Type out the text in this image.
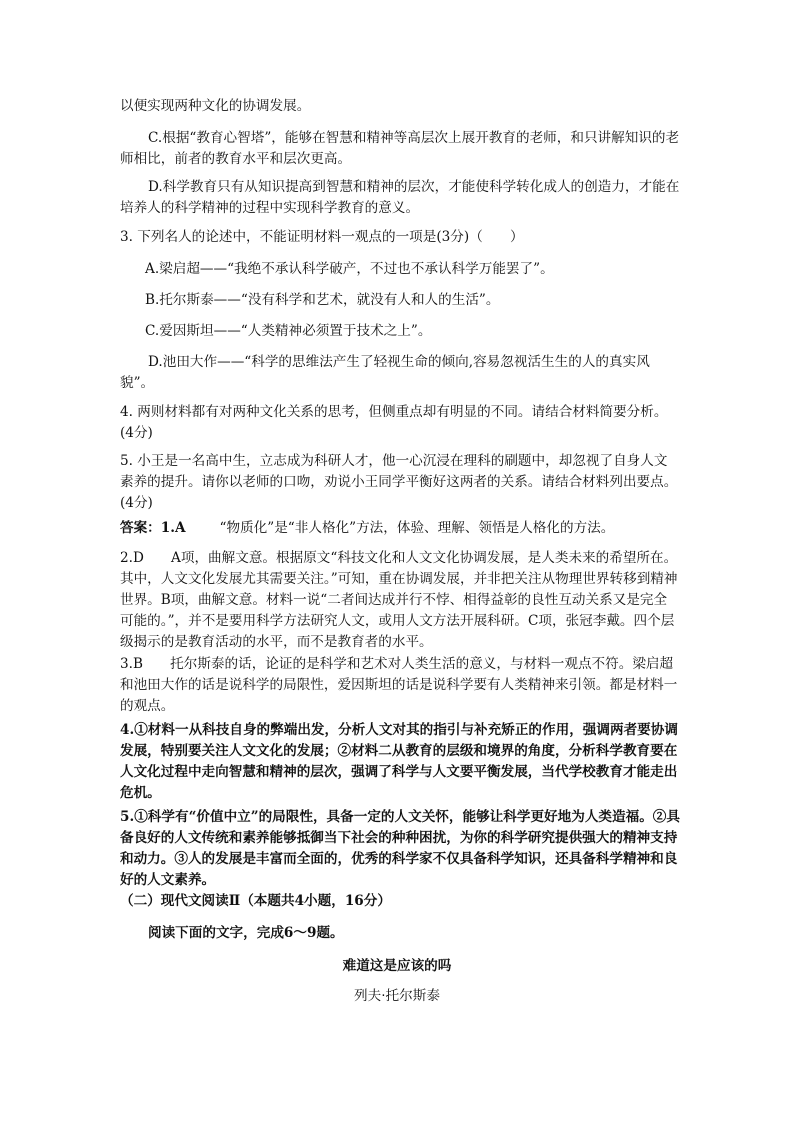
以便实现两种文化的协调发展。

C.根据“教育心智塔”，能够在智慧和精神等高层次上展开教育的老师，和只讲解知识的老师相比，前者的教育水平和层次更高。

D.科学教育只有从知识提高到智慧和精神的层次，才能使科学转化成人的创造力，才能在培养人的科学精神的过程中实现科学教育的意义。

3. 下列名人的论述中，不能证明材料一观点的一项是(3分)（　　）

A.梁启超——“我绝不承认科学破产，不过也不承认科学万能罢了”。

B.托尔斯泰——“没有科学和艺术，就没有人和人的生活”。

C.爱因斯坦——“人类精神必须置于技术之上”。

D.池田大作——“科学的思维法产生了轻视生命的倾向,容易忽视活生生的人的真实风貌”。

4. 两则材料都有对两种文化关系的思考，但侧重点却有明显的不同。请结合材料简要分析。(4分)

5. 小王是一名高中生，立志成为科研人才，他一心沉浸在理科的刷题中，却忽视了自身人文素养的提升。请你以老师的口吻，劝说小王同学平衡好这两者的关系。请结合材料列出要点。(4分)

答案：1.A	“物质化”是“非人格化”方法，体验、理解、领悟是人格化的方法。

2.D　　A项，曲解文意。根据原文“科技文化和人文文化协调发展，是人类未来的希望所在。其中，人文文化发展尤其需要关注。”可知，重在协调发展，并非把关注从物理世界转移到精神世界。B项，曲解文意。材料一说“二者间达成并行不悖、相得益彰的良性互动关系又是完全可能的。”，并不是要用科学方法研究人文，或用人文方法开展科研。C项，张冠李戴。四个层级揭示的是教育活动的水平，而不是教育者的水平。

3.B　　托尔斯泰的话，论证的是科学和艺术对人类生活的意义，与材料一观点不符。梁启超和池田大作的话是说科学的局限性，爱因斯坦的话是说科学要有人类精神来引领。都是材料一的观点。

4.①材料一从科技自身的弊端出发，分析人文对其的指引与补充矫正的作用，强调两者要协调发展，特别要关注人文文化的发展；②材料二从教育的层级和境界的角度，分析科学教育要在人文化过程中走向智慧和精神的层次，强调了科学与人文要平衡发展，当代学校教育才能走出危机。

5.①科学有“价值中立”的局限性，具备一定的人文关怀，能够让科学更好地为人类造福。②具备良好的人文传统和素养能够抵御当下社会的种种困扰，为你的科学研究提供强大的精神支持和动力。③人的发展是丰富而全面的，优秀的科学家不仅具备科学知识，还具备科学精神和良好的人文素养。

（二）现代文阅读Ⅱ（本题共4小题，16分）

阅读下面的文字，完成6～9题。

难道这是应该的吗

列夫·托尔斯泰
